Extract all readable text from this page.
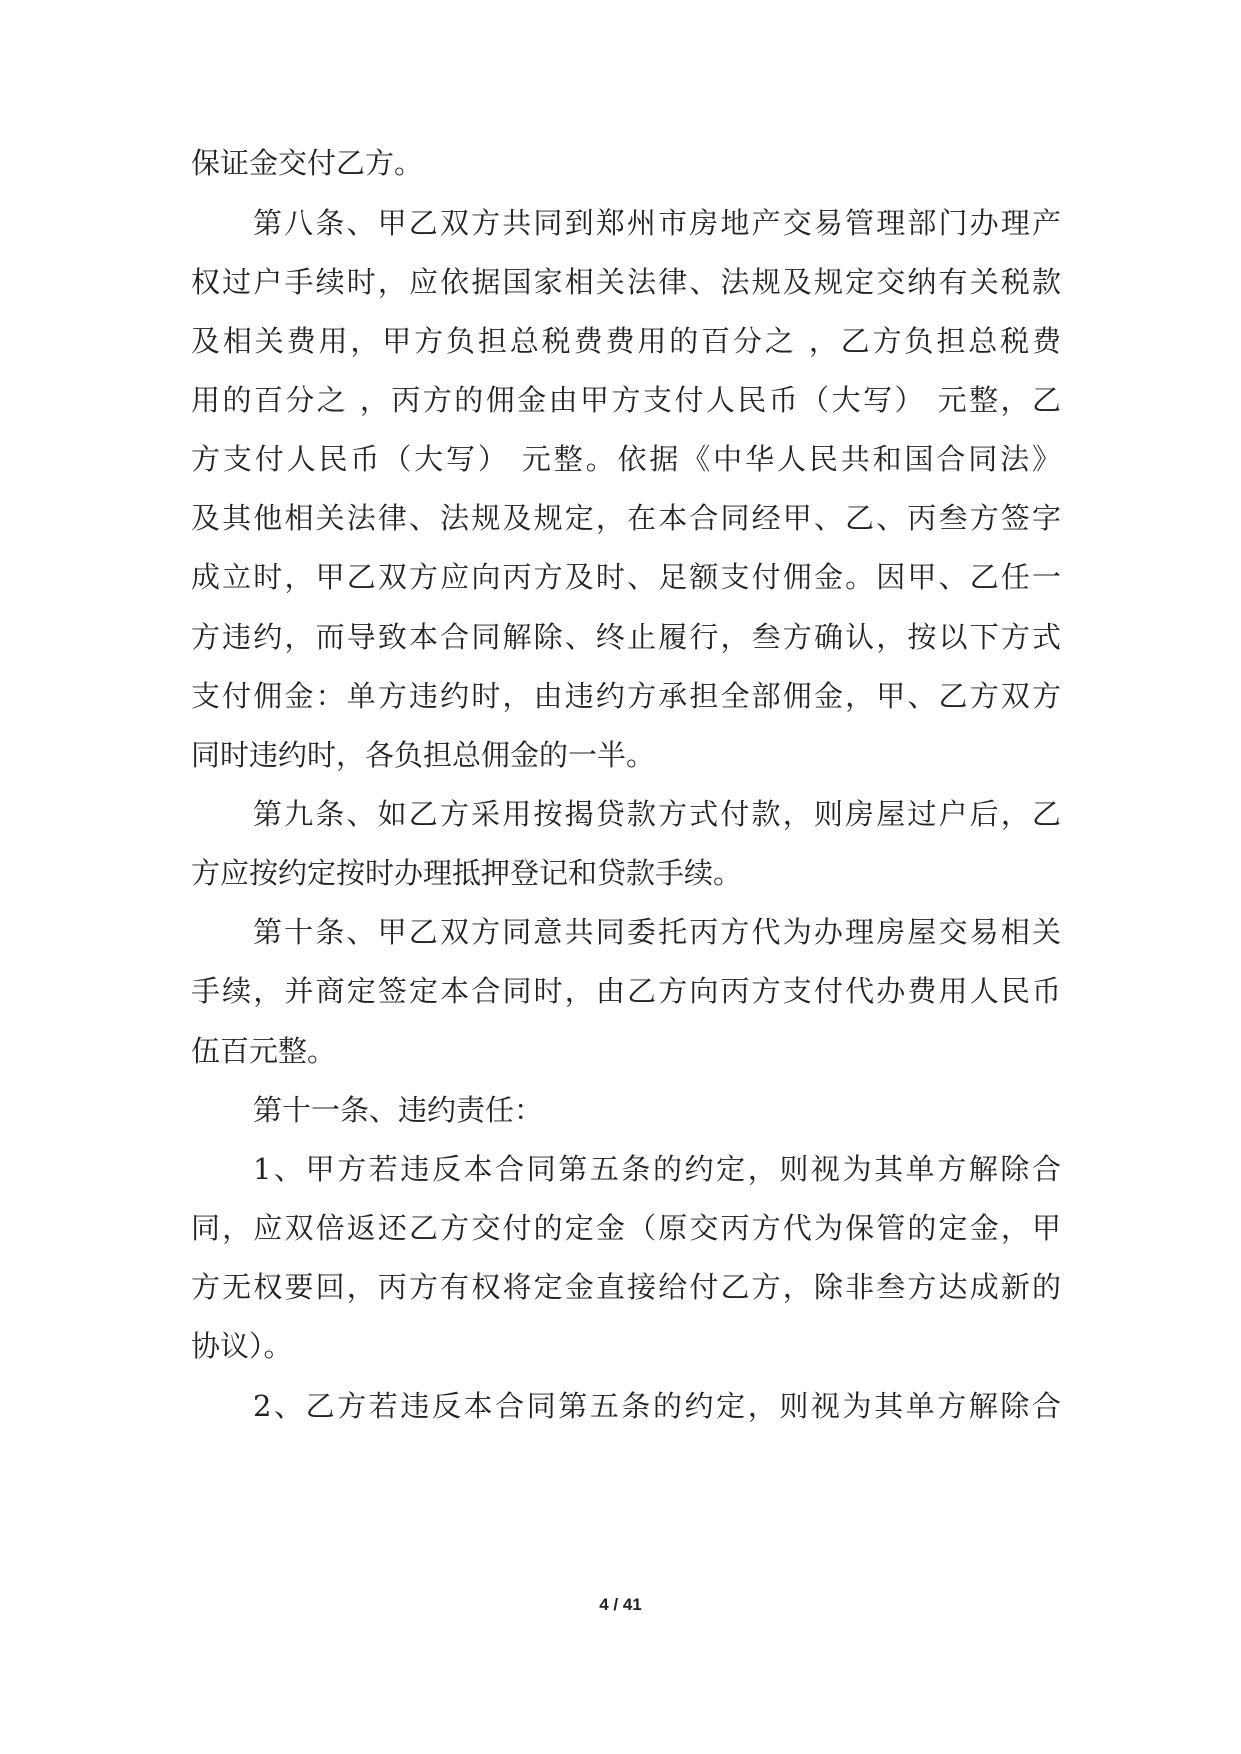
保证金交付乙方。
第八条、甲乙双方共同到郑州市房地产交易管理部门办理产
权过户手续时，应依据国家相关法律、法规及规定交纳有关税款
及相关费用，甲方负担总税费费用的百分之 ，乙方负担总税费
用的百分之 ，丙方的佣金由甲方支付人民币（大写） 元整，乙
方支付人民币（大写） 元整。依据《中华人民共和国合同法》
及其他相关法律、法规及规定，在本合同经甲、乙、丙叁方签字
成立时，甲乙双方应向丙方及时、足额支付佣金。因甲、乙任一
方违约，而导致本合同解除、终止履行，叁方确认，按以下方式
支付佣金：单方违约时，由违约方承担全部佣金，甲、乙方双方
同时违约时，各负担总佣金的一半。
第九条、如乙方采用按揭贷款方式付款，则房屋过户后，乙
方应按约定按时办理抵押登记和贷款手续。
第十条、甲乙双方同意共同委托丙方代为办理房屋交易相关
手续，并商定签定本合同时，由乙方向丙方支付代办费用人民币
伍百元整。
第十一条、违约责任：
1、甲方若违反本合同第五条的约定，则视为其单方解除合
同，应双倍返还乙方交付的定金（原交丙方代为保管的定金，甲
方无权要回，丙方有权将定金直接给付乙方，除非叁方达成新的
协议）。
2、乙方若违反本合同第五条的约定，则视为其单方解除合
4 / 41
